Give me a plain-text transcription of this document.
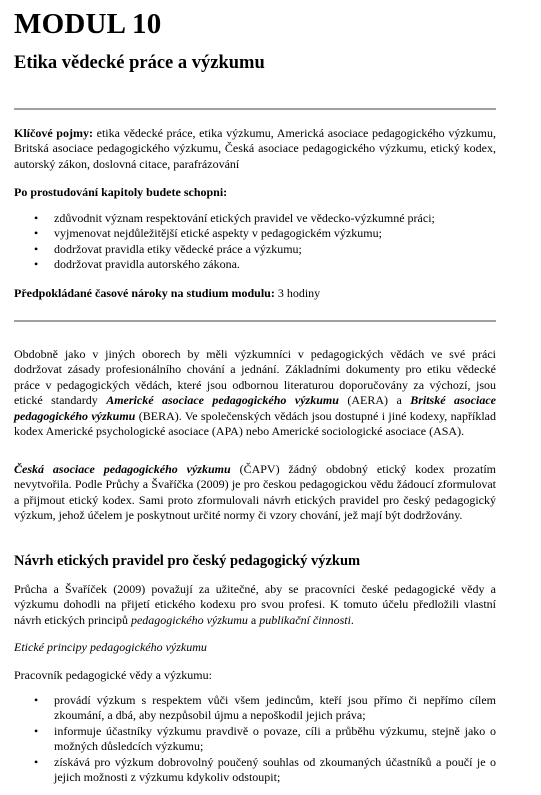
MODUL 10
Etika vědecké práce a výzkumu

Klíčové pojmy: etika vědecké práce, etika výzkumu, Americká asociace pedagogického výzkumu, Britská asociace pedagogického výzkumu, Česká asociace pedagogického výzkumu, etický kodex, autorský zákon, doslovná citace, parafrázování

Po prostudování kapitoly budete schopni:

• zdůvodnit význam respektování etických pravidel ve vědecko-výzkumné práci;
• vyjmenovat nejdůležitější etické aspekty v pedagogickém výzkumu;
• dodržovat pravidla etiky vědecké práce a výzkumu;
• dodržovat pravidla autorského zákona.

Předpokládané časové nároky na studium modulu: 3 hodiny

Obdobně jako v jiných oborech by měli výzkumníci v pedagogických vědách ve své práci dodržovat zásady profesionálního chování a jednání. Základními dokumenty pro etiku vědecké práce v pedagogických vědách, které jsou odbornou literaturou doporučovány za výchozí, jsou etické standardy Americké asociace pedagogického výzkumu (AERA) a Britské asociace pedagogického výzkumu (BERA). Ve společenských vědách jsou dostupné i jiné kodexy, například kodex Americké psychologické asociace (APA) nebo Americké sociologické asociace (ASA).

Česká asociace pedagogického výzkumu (ČAPV) žádný obdobný etický kodex prozatím nevytvořila. Podle Průchy a Švaříčka (2009) je pro českou pedagogickou vědu žádoucí zformulovat a přijmout etický kodex. Sami proto zformulovali návrh etických pravidel pro český pedagogický výzkum, jehož účelem je poskytnout určité normy či vzory chování, jež mají být dodržovány.

Návrh etických pravidel pro český pedagogický výzkum

Průcha a Švaříček (2009) považují za užitečné, aby se pracovníci české pedagogické vědy a výzkumu dohodli na přijetí etického kodexu pro svou profesi. K tomuto účelu předložili vlastní návrh etických principů pedagogického výzkumu a publikační činnosti.

Etické principy pedagogického výzkumu

Pracovník pedagogické vědy a výzkumu:

• provádí výzkum s respektem vůči všem jedincům, kteří jsou přímo či nepřímo cílem zkoumání, a dbá, aby nezpůsobil újmu a nepoškodil jejich práva;
• informuje účastníky výzkumu pravdivě o povaze, cíli a průběhu výzkumu, stejně jako o možných důsledcích výzkumu;
• získává pro výzkum dobrovolný poučený souhlas od zkoumaných účastníků a poučí je o jejich možnosti z výzkumu kdykoliv odstoupit;
